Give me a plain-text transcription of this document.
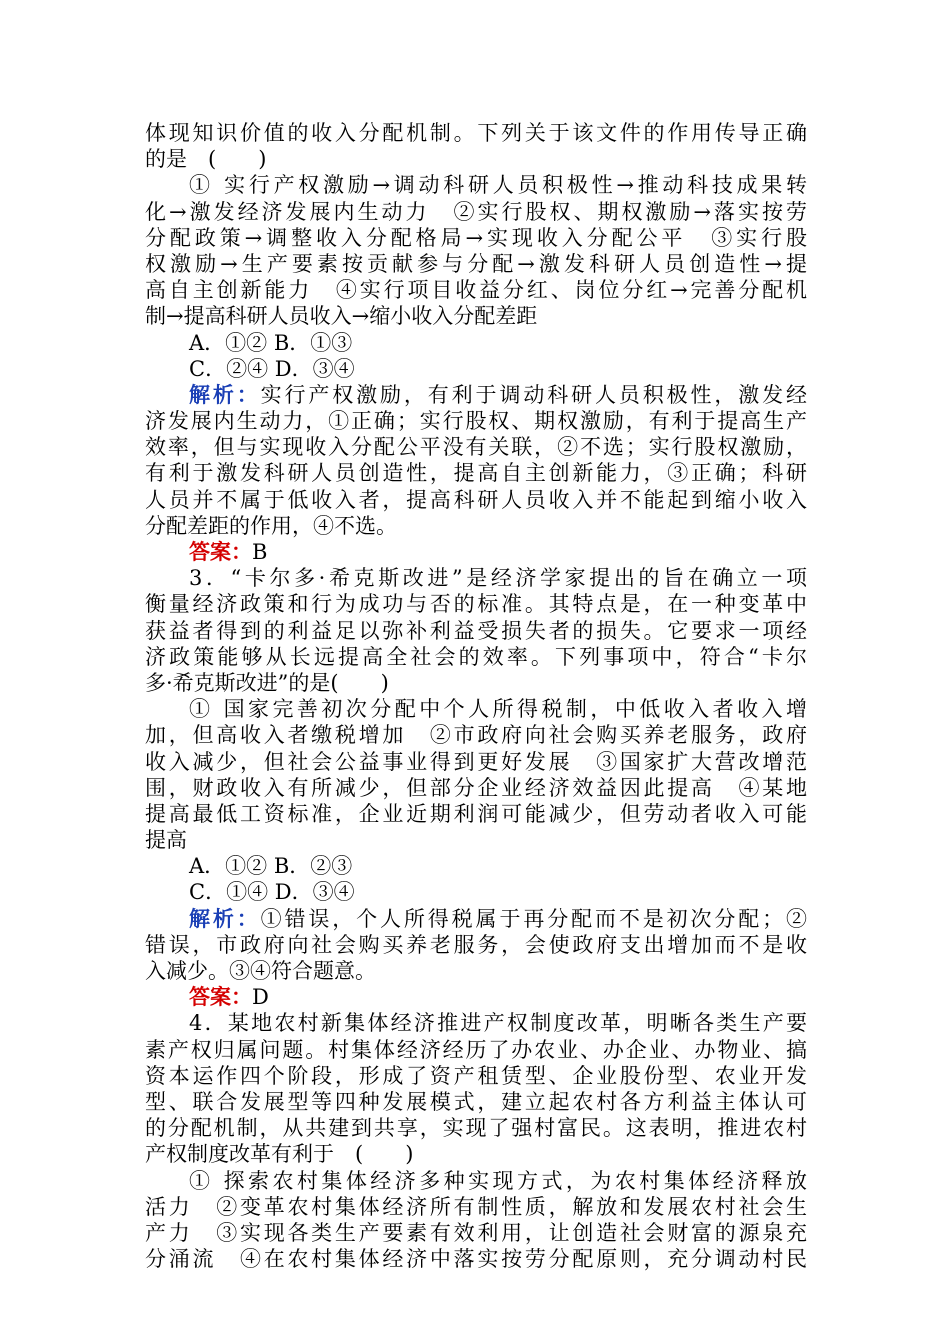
体现知识价值的收入分配机制。下列关于该文件的作用传导正确
的是　(　　)
① 实行产权激励→调动科研人员积极性→推动科技成果转
化→激发经济发展内生动力　②实行股权、期权激励→落实按劳
分配政策→调整收入分配格局→实现收入分配公平　③实行股
权激励→生产要素按贡献参与分配→激发科研人员创造性→提
高自主创新能力　④实行项目收益分红、岗位分红→完善分配机
制→提高科研人员收入→缩小收入分配差距
A．①② B．①③
C．②④ D．③④
解析：实行产权激励，有利于调动科研人员积极性，激发经
济发展内生动力，①正确；实行股权、期权激励，有利于提高生产
效率，但与实现收入分配公平没有关联，②不选；实行股权激励，
有利于激发科研人员创造性，提高自主创新能力，③正确；科研
人员并不属于低收入者，提高科研人员收入并不能起到缩小收入
分配差距的作用，④不选。
答案：B
3．“卡尔多·希克斯改进”是经济学家提出的旨在确立一项
衡量经济政策和行为成功与否的标准。其特点是，在一种变革中
获益者得到的利益足以弥补利益受损失者的损失。它要求一项经
济政策能够从长远提高全社会的效率。下列事项中，符合“卡尔
多·希克斯改进”的是(　　)
① 国家完善初次分配中个人所得税制，中低收入者收入增
加，但高收入者缴税增加　②市政府向社会购买养老服务，政府
收入减少，但社会公益事业得到更好发展　③国家扩大营改增范
围，财政收入有所减少，但部分企业经济效益因此提高　④某地
提高最低工资标准，企业近期利润可能减少，但劳动者收入可能
提高
A．①② B．②③
C．①④ D．③④
解析：①错误，个人所得税属于再分配而不是初次分配；②
错误，市政府向社会购买养老服务，会使政府支出增加而不是收
入减少。③④符合题意。
答案：D
4．某地农村新集体经济推进产权制度改革，明晰各类生产要
素产权归属问题。村集体经济经历了办农业、办企业、办物业、搞
资本运作四个阶段，形成了资产租赁型、企业股份型、农业开发
型、联合发展型等四种发展模式，建立起农村各方利益主体认可
的分配机制，从共建到共享，实现了强村富民。这表明，推进农村
产权制度改革有利于　(　　)
① 探索农村集体经济多种实现方式，为农村集体经济释放
活力　②变革农村集体经济所有制性质，解放和发展农村社会生
产力　③实现各类生产要素有效利用，让创造社会财富的源泉充
分涌流　④在农村集体经济中落实按劳分配原则，充分调动村民
